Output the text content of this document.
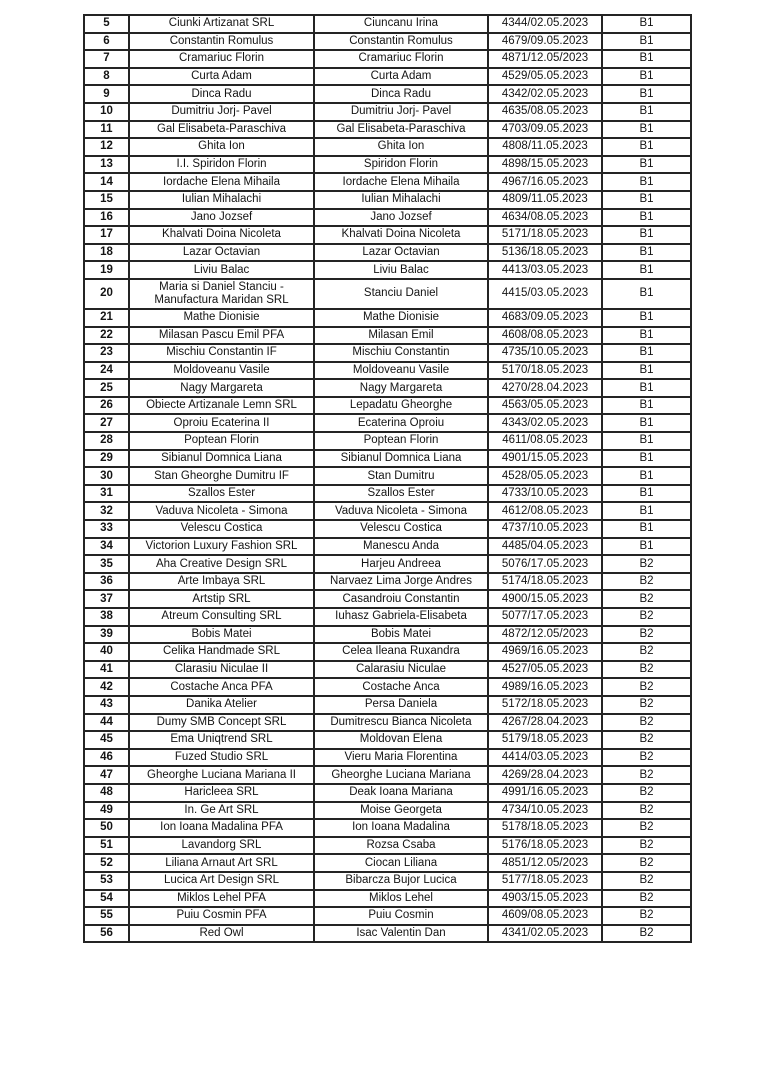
5	Ciunki Artizanat SRL	Ciuncanu Irina	4344/02.05.2023	B1
6	Constantin Romulus	Constantin Romulus	4679/09.05.2023	B1
7	Cramariuc Florin	Cramariuc Florin	4871/12.05/2023	B1
8	Curta Adam	Curta Adam	4529/05.05.2023	B1
9	Dinca Radu	Dinca Radu	4342/02.05.2023	B1
10	Dumitriu Jorj- Pavel	Dumitriu Jorj- Pavel	4635/08.05.2023	B1
11	Gal Elisabeta-Paraschiva	Gal Elisabeta-Paraschiva	4703/09.05.2023	B1
12	Ghita Ion	Ghita Ion	4808/11.05.2023	B1
13	I.I. Spiridon Florin	Spiridon Florin	4898/15.05.2023	B1
14	Iordache Elena Mihaila	Iordache Elena Mihaila	4967/16.05.2023	B1
15	Iulian Mihalachi	Iulian Mihalachi	4809/11.05.2023	B1
16	Jano Jozsef	Jano Jozsef	4634/08.05.2023	B1
17	Khalvati Doina Nicoleta	Khalvati Doina Nicoleta	5171/18.05.2023	B1
18	Lazar Octavian	Lazar Octavian	5136/18.05.2023	B1
19	Liviu Balac	Liviu Balac	4413/03.05.2023	B1
20	Maria si Daniel Stanciu - Manufactura Maridan SRL	Stanciu Daniel	4415/03.05.2023	B1
21	Mathe Dionisie	Mathe Dionisie	4683/09.05.2023	B1
22	Milasan Pascu Emil PFA	Milasan Emil	4608/08.05.2023	B1
23	Mischiu Constantin IF	Mischiu Constantin	4735/10.05.2023	B1
24	Moldoveanu Vasile	Moldoveanu Vasile	5170/18.05.2023	B1
25	Nagy Margareta	Nagy Margareta	4270/28.04.2023	B1
26	Obiecte Artizanale Lemn SRL	Lepadatu Gheorghe	4563/05.05.2023	B1
27	Oproiu Ecaterina II	Ecaterina Oproiu	4343/02.05.2023	B1
28	Poptean Florin	Poptean Florin	4611/08.05.2023	B1
29	Sibianul Domnica Liana	Sibianul Domnica Liana	4901/15.05.2023	B1
30	Stan Gheorghe Dumitru IF	Stan Dumitru	4528/05.05.2023	B1
31	Szallos Ester	Szallos Ester	4733/10.05.2023	B1
32	Vaduva Nicoleta - Simona	Vaduva Nicoleta - Simona	4612/08.05.2023	B1
33	Velescu Costica	Velescu Costica	4737/10.05.2023	B1
34	Victorion Luxury Fashion SRL	Manescu Anda	4485/04.05.2023	B1
35	Aha Creative Design SRL	Harjeu Andreea	5076/17.05.2023	B2
36	Arte Imbaya SRL	Narvaez Lima Jorge Andres	5174/18.05.2023	B2
37	Artstip SRL	Casandroiu Constantin	4900/15.05.2023	B2
38	Atreum Consulting SRL	Iuhasz Gabriela-Elisabeta	5077/17.05.2023	B2
39	Bobis Matei	Bobis Matei	4872/12.05/2023	B2
40	Celika Handmade SRL	Celea Ileana Ruxandra	4969/16.05.2023	B2
41	Clarasiu Niculae II	Calarasiu Niculae	4527/05.05.2023	B2
42	Costache Anca PFA	Costache Anca	4989/16.05.2023	B2
43	Danika Atelier	Persa Daniela	5172/18.05.2023	B2
44	Dumy SMB Concept SRL	Dumitrescu Bianca Nicoleta	4267/28.04.2023	B2
45	Ema Uniqtrend SRL	Moldovan Elena	5179/18.05.2023	B2
46	Fuzed Studio SRL	Vieru Maria Florentina	4414/03.05.2023	B2
47	Gheorghe Luciana Mariana II	Gheorghe Luciana Mariana	4269/28.04.2023	B2
48	Haricleea SRL	Deak Ioana Mariana	4991/16.05.2023	B2
49	In. Ge Art SRL	Moise Georgeta	4734/10.05.2023	B2
50	Ion Ioana Madalina PFA	Ion Ioana Madalina	5178/18.05.2023	B2
51	Lavandorg SRL	Rozsa Csaba	5176/18.05.2023	B2
52	Liliana Arnaut Art SRL	Ciocan Liliana	4851/12.05/2023	B2
53	Lucica Art Design SRL	Bibarcza Bujor Lucica	5177/18.05.2023	B2
54	Miklos Lehel PFA	Miklos Lehel	4903/15.05.2023	B2
55	Puiu Cosmin PFA	Puiu Cosmin	4609/08.05.2023	B2
56	Red Owl	Isac Valentin Dan	4341/02.05.2023	B2
